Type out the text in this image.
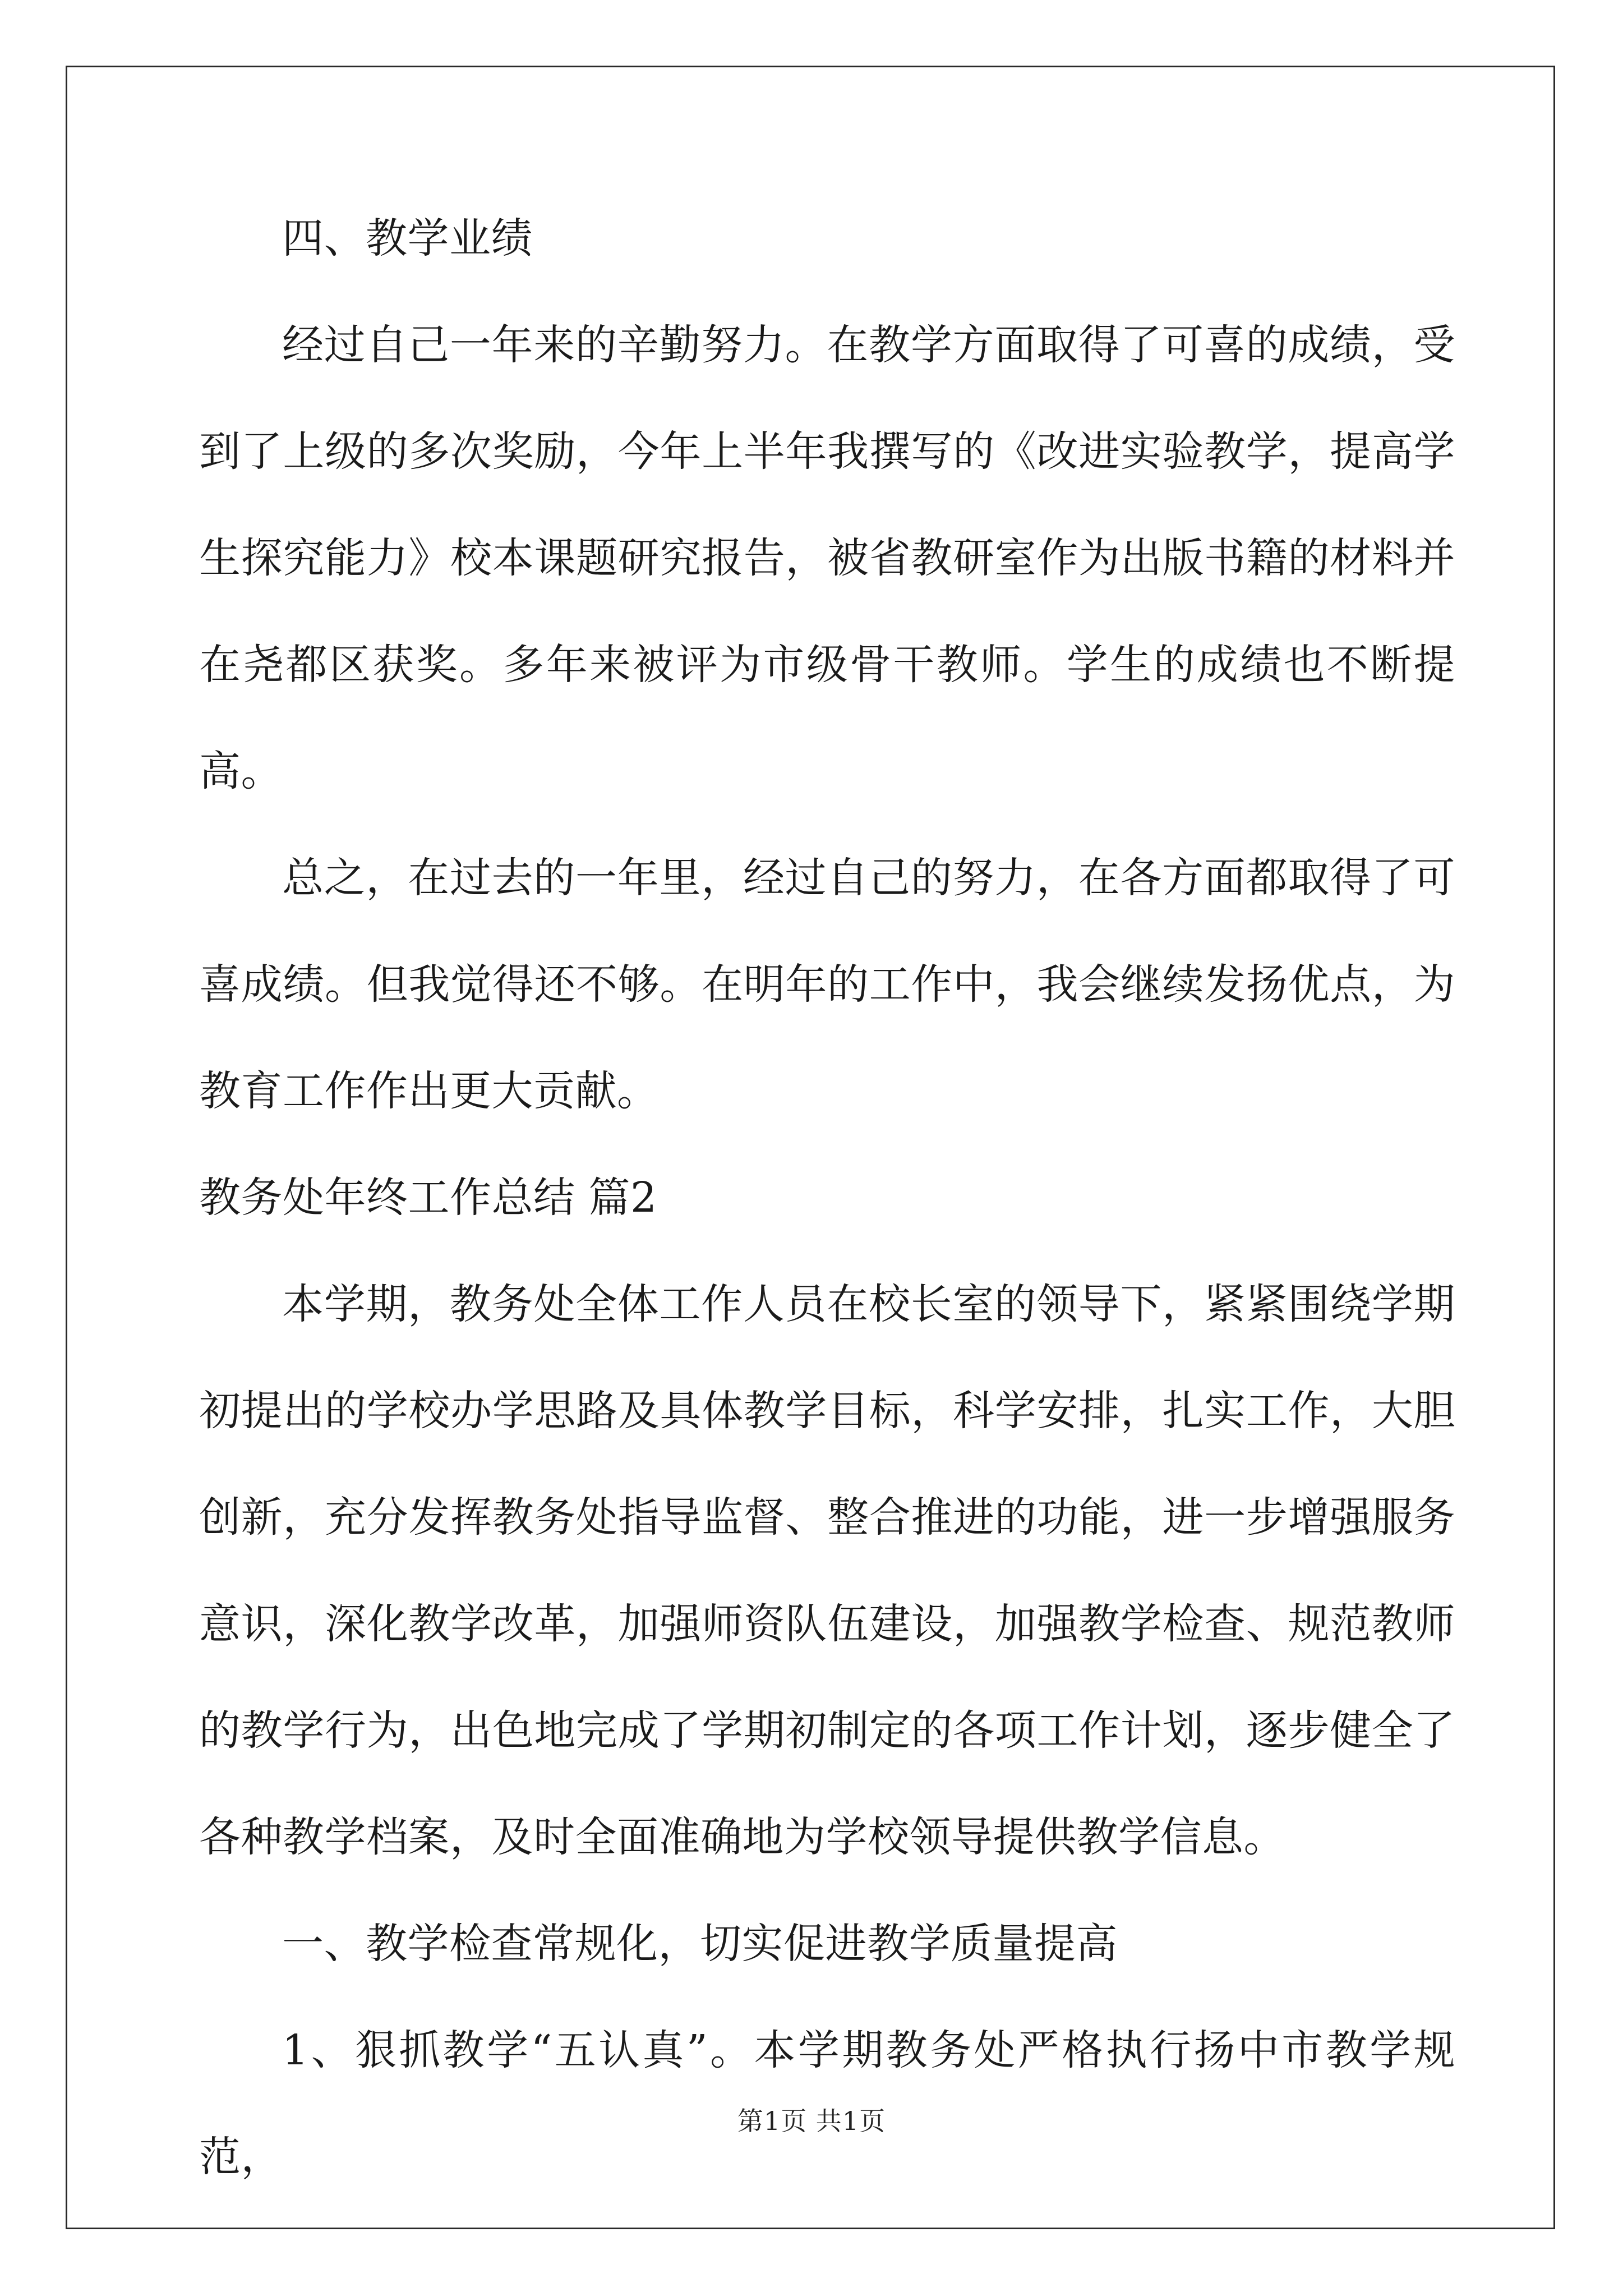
四、教学业绩

经过自己一年来的辛勤努力。在教学方面取得了可喜的成绩，受到了上级的多次奖励，今年上半年我撰写的《改进实验教学，提高学生探究能力》校本课题研究报告，被省教研室作为出版书籍的材料并在尧都区获奖。多年来被评为市级骨干教师。学生的成绩也不断提高。

总之，在过去的一年里，经过自己的努力，在各方面都取得了可喜成绩。但我觉得还不够。在明年的工作中，我会继续发扬优点，为教育工作作出更大贡献。

教务处年终工作总结 篇2

本学期，教务处全体工作人员在校长室的领导下，紧紧围绕学期初提出的学校办学思路及具体教学目标，科学安排，扎实工作，大胆创新，充分发挥教务处指导监督、整合推进的功能，进一步增强服务意识，深化教学改革，加强师资队伍建设，加强教学检查、规范教师的教学行为，出色地完成了学期初制定的各项工作计划，逐步健全了各种教学档案，及时全面准确地为学校领导提供教学信息。

一、教学检查常规化，切实促进教学质量提高

1、狠抓教学“五认真”。本学期教务处严格执行扬中市教学规范，

第1页 共1页
